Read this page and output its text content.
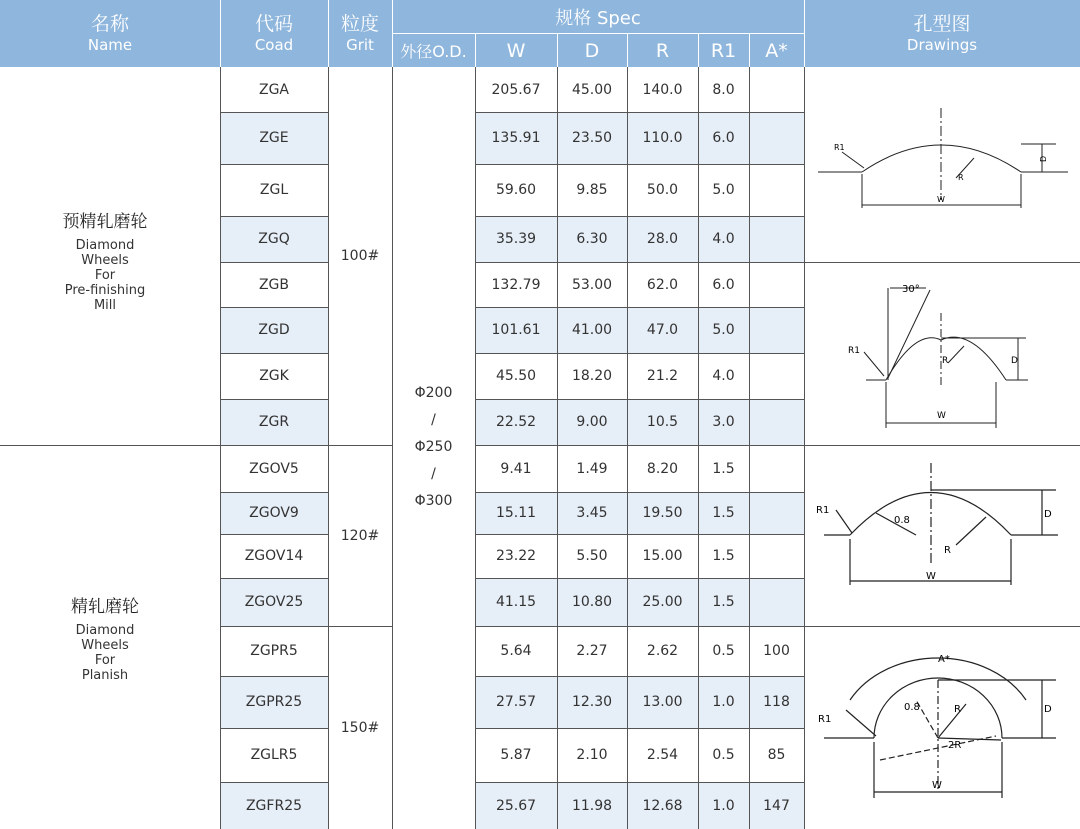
名称
Name
代码
Coad
粒度
Grit
规格 Spec
外径O.D.	W	D	R	R1	A*
孔型图
Drawings
ZGA	205.67	45.00	140.0	8.0
ZGE	135.91	23.50	110.0	6.0
ZGL	59.60	9.85	50.0	5.0
ZGQ	35.39	6.30	28.0	4.0
ZGB	132.79	53.00	62.0	6.0
ZGD	101.61	41.00	47.0	5.0
ZGK	45.50	18.20	21.2	4.0
ZGR	22.52	9.00	10.5	3.0
ZGOV5	9.41	1.49	8.20	1.5
ZGOV9	15.11	3.45	19.50	1.5
ZGOV14	23.22	5.50	15.00	1.5
ZGOV25	41.15	10.80	25.00	1.5
ZGPR5	5.64	2.27	2.62	0.5	100
ZGPR25	27.57	12.30	13.00	1.0	118
ZGLR5	5.87	2.10	2.54	0.5	85
ZGFR25	25.67	11.98	12.68	1.0	147
预精轧磨轮
Diamond
Wheels
For
Pre-finishing
Mill
精轧磨轮
Diamond
Wheels
For
Planish
100#
120#
150#
Φ200
/
Φ250
/
Φ300
R1
R
D
W
30°
R1
R	D
W
R1
0.8
R
D
W
A*
R1
0.8	R
2R
D
W
